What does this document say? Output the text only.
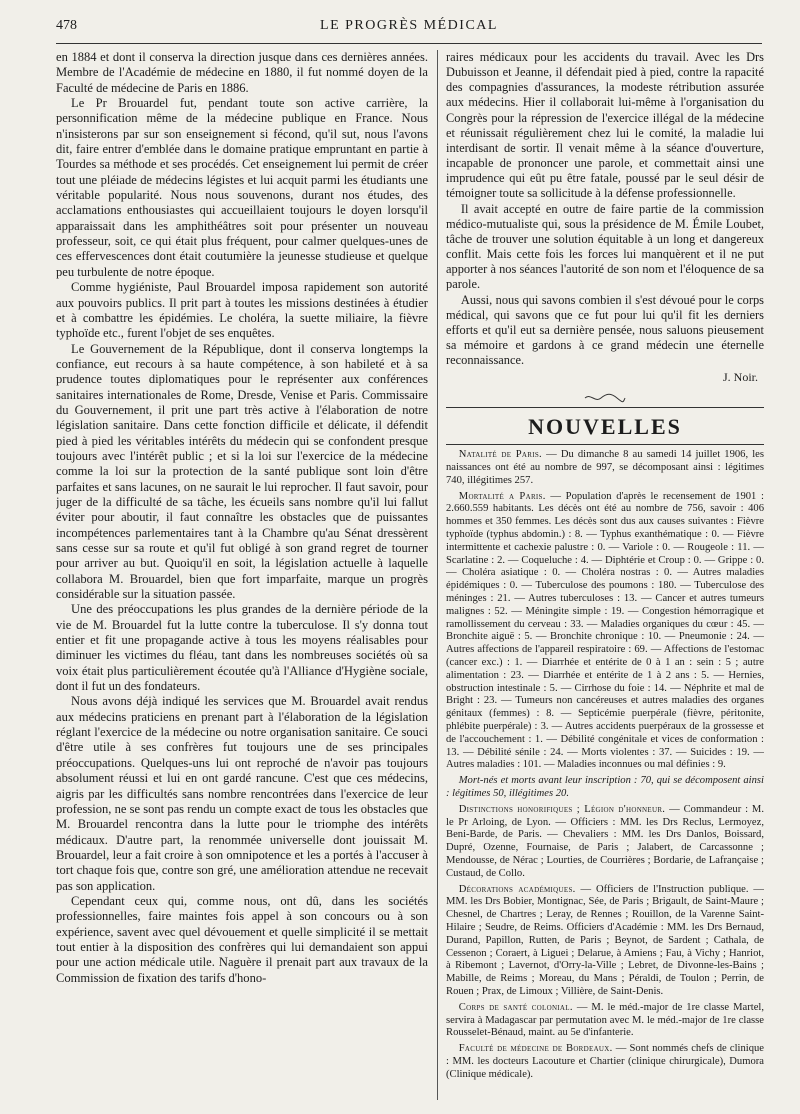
478	LE PROGRÈS MÉDICAL

en 1884 et dont il conserva la direction jusque dans ces dernières années. Membre de l'Académie de médecine en 1880, il fut nommé doyen de la Faculté de médecine de Paris en 1886.

Le Pr Brouardel fut, pendant toute son active carrière, la personnification même de la médecine publique en France. Nous n'insisterons par sur son enseignement si fécond, qu'il sut, nous l'avons dit, faire entrer d'emblée dans le domaine pratique empruntant en partie à Tourdes sa méthode et ses procédés. Cet enseignement lui permit de créer tout une pléiade de médecins légistes et lui acquit parmi les étudiants une véritable popularité. Nous nous souvenons, durant nos études, des acclamations enthousiastes qui accueillaient toujours le doyen lorsqu'il apparaissait dans les amphithéâtres soit pour présenter un nouveau professeur, soit, ce qui était plus fréquent, pour calmer quelques-unes de ces effervescences dont était coutumière la jeunesse studieuse et quelque peu turbulente de notre époque.

Comme hygiéniste, Paul Brouardel imposa rapidement son autorité aux pouvoirs publics. Il prit part à toutes les missions destinées à étudier et à combattre les épidémies. Le choléra, la suette miliaire, la fièvre typhoïde etc., furent l'objet de ses enquêtes.

Le Gouvernement de la République, dont il conserva longtemps la confiance, eut recours à sa haute compétence, à son habileté et à sa prudence toutes diplomatiques pour le représenter aux conférences sanitaires internationales de Rome, Dresde, Venise et Paris. Commissaire du Gouvernement, il prit une part très active à l'élaboration de notre législation sanitaire. Dans cette fonction difficile et délicate, il défendit pied à pied les véritables intérêts du médecin qui se confondent presque toujours avec l'intérêt public ; et si la loi sur l'exercice de la médecine comme la loi sur la protection de la santé publique sont loin d'être parfaites et sans lacunes, on ne saurait le lui reprocher. Il faut savoir, pour juger de la difficulté de sa tâche, les écueils sans nombre qu'il lui fallut éviter pour aboutir, il faut connaître les obstacles que de puissantes incompétences parlementaires tant à la Chambre qu'au Sénat dressèrent sans cesse sur sa route et qu'il fut obligé à son grand regret de tourner pour arriver au but. Quoiqu'il en soit, la législation actuelle à laquelle collabora M. Brouardel, bien que fort imparfaite, marque un progrès considérable sur la situation passée.

Une des préoccupations les plus grandes de la dernière période de la vie de M. Brouardel fut la lutte contre la tuberculose. Il s'y donna tout entier et fit une propagande active à tous les moyens réalisables pour diminuer les victimes du fléau, tant dans les nombreuses sociétés où sa voix était plus particulièrement écoutée qu'à l'Alliance d'Hygiène sociale, dont il fut un des fondateurs.

Nous avons déjà indiqué les services que M. Brouardel avait rendus aux médecins praticiens en prenant part à l'élaboration de la législation réglant l'exercice de la médecine ou notre organisation sanitaire. Ce souci d'être utile à ses confrères fut toujours une de ses principales préoccupations. Quelques-uns lui ont reproché de n'avoir pas toujours absolument réussi et lui en ont gardé rancune. C'est que ces médecins, aigris par les difficultés sans nombre rencontrées dans l'exercice de leur profession, ne se sont pas rendu un compte exact de tous les obstacles que M. Brouardel rencontra dans la lutte pour le triomphe des intérêts médicaux. D'autre part, la renommée universelle dont jouissait M. Brouardel, leur a fait croire à son omnipotence et les a portés à l'accuser à tort chaque fois que, contre son gré, une amélioration attendue ne recevait pas son application.

Cependant ceux qui, comme nous, ont dû, dans les sociétés professionnelles, faire maintes fois appel à son concours ou à son expérience, savent avec quel dévouement et quelle simplicité il se mettait tout entier à la disposition des confrères qui lui demandaient son appui pour une action médicale utile. Naguère il prenait part aux travaux de la Commission de fixation des tarifs d'hono-

raires médicaux pour les accidents du travail. Avec les Drs Dubuisson et Jeanne, il défendait pied à pied, contre la rapacité des compagnies d'assurances, la modeste rétribution assurée aux médecins. Hier il collaborait lui-même à l'organisation du Congrès pour la répression de l'exercice illégal de la médecine et réunissait régulièrement chez lui le comité, la maladie lui interdisant de sortir. Il venait même à la séance d'ouverture, incapable de prononcer une parole, et commettait ainsi une imprudence qui eût pu être fatale, poussé par le seul désir de témoigner toute sa sollicitude à la défense professionnelle.

Il avait accepté en outre de faire partie de la commission médico-mutualiste qui, sous la présidence de M. Émile Loubet, tâche de trouver une solution équitable à un long et dangereux conflit. Mais cette fois les forces lui manquèrent et il ne put apporter à nos séances l'autorité de son nom et l'éloquence de sa parole.

Aussi, nous qui savons combien il s'est dévoué pour le corps médical, qui savons que ce fut pour lui qu'il fit les derniers efforts et qu'il eut sa dernière pensée, nous saluons pieusement sa mémoire et gardons à ce grand médecin une éternelle reconnaissance.

J. Noir.
NOUVELLES

Natalité de Paris. — Du dimanche 8 au samedi 14 juillet 1906, les naissances ont été au nombre de 997, se décomposant ainsi : légitimes 740, illégitimes 257.

Mortalité a Paris. — Population d'après le recensement de 1901 : 2.660.559 habitants. Les décès ont été au nombre de 756, savoir : 406 hommes et 350 femmes. Les décès sont dus aux causes suivantes : Fièvre typhoïde (typhus abdomin.) : 8. — Typhus exanthématique : 0. — Fièvre intermittente et cachexie palustre : 0. — Variole : 0. — Rougeole : 11. — Scarlatine : 2. — Coqueluche : 4. — Diphtérie et Croup : 0. — Grippe : 0. — Choléra asiatique : 0. — Choléra nostras : 0. — Autres maladies épidémiques : 0. — Tuberculose des poumons : 180. — Tuberculose des méninges : 21. — Autres tuberculoses : 13. — Cancer et autres tumeurs malignes : 52. — Méningite simple : 19. — Congestion hémorragique et ramollissement du cerveau : 33. — Maladies organiques du cœur : 45. — Bronchite aiguë : 5. — Bronchite chronique : 10. — Pneumonie : 24. — Autres affections de l'appareil respiratoire : 69. — Affections de l'estomac (cancer exc.) : 1. — Diarrhée et entérite de 0 à 1 an : sein : 5 ; autre alimentation : 23. — Diarrhée et entérite de 1 à 2 ans : 5. — Hernies, obstruction intestinale : 5. — Cirrhose du foie : 14. — Néphrite et mal de Bright : 23. — Tumeurs non cancéreuses et autres maladies des organes génitaux (femmes) : 8. — Septicémie puerpérale (fièvre, péritonite, phlébite puerpérale) : 3. — Autres accidents puerpéraux de la grossesse et de l'accouchement : 1. — Débilité congénitale et vices de conformation : 13. — Débilité sénile : 24. — Morts violentes : 37. — Suicides : 19. — Autres maladies : 101. — Maladies inconnues ou mal définies : 9.

Mort-nés et morts avant leur inscription : 70, qui se décomposent ainsi : légitimes 50, illégitimes 20.

Distinctions honorifiques ; Légion d'honneur. — Commandeur : M. le Pr Arloing, de Lyon. — Officiers : MM. les Drs Reclus, Lermoyez, Beni-Barde, de Paris. — Chevaliers : MM. les Drs Danlos, Boissard, Dupré, Ozenne, Fournaise, de Paris ; Jalabert, de Carcassonne ; Mendousse, de Nérac ; Lourties, de Courrières ; Bordarie, de Lafrançaise ; Custaud, de Collo.

Décorations académiques. — Officiers de l'Instruction publique. — MM. les Drs Bobier, Montignac, Sée, de Paris ; Brigault, de Saint-Maure ; Chesnel, de Chartres ; Leray, de Rennes ; Rouillon, de la Varenne Saint-Hilaire ; Seudre, de Reims. Officiers d'Académie : MM. les Drs Bernaud, Durand, Papillon, Rutten, de Paris ; Beynot, de Sardent ; Cathala, de Cessenon ; Coraert, à Liguei ; Delarue, à Amiens ; Fau, à Vichy ; Hanriot, à Ribemont ; Lavernot, d'Orry-la-Ville ; Lebret, de Divonne-les-Bains ; Mabille, de Reims ; Moreau, du Mans ; Péraldi, de Toulon ; Perrin, de Rouen ; Prax, de Limoux ; Villière, de Saint-Denis.

Corps de santé colonial. — M. le méd.-major de 1re classe Martel, servira à Madagascar par permutation avec M. le méd.-major de 1re classe Rousselet-Bénaud, maint. au 5e d'infanterie.

Faculté de médecine de Bordeaux. — Sont nommés chefs de clinique : MM. les docteurs Lacouture et Chartier (clinique chirurgicale), Dumora (Clinique médicale).
